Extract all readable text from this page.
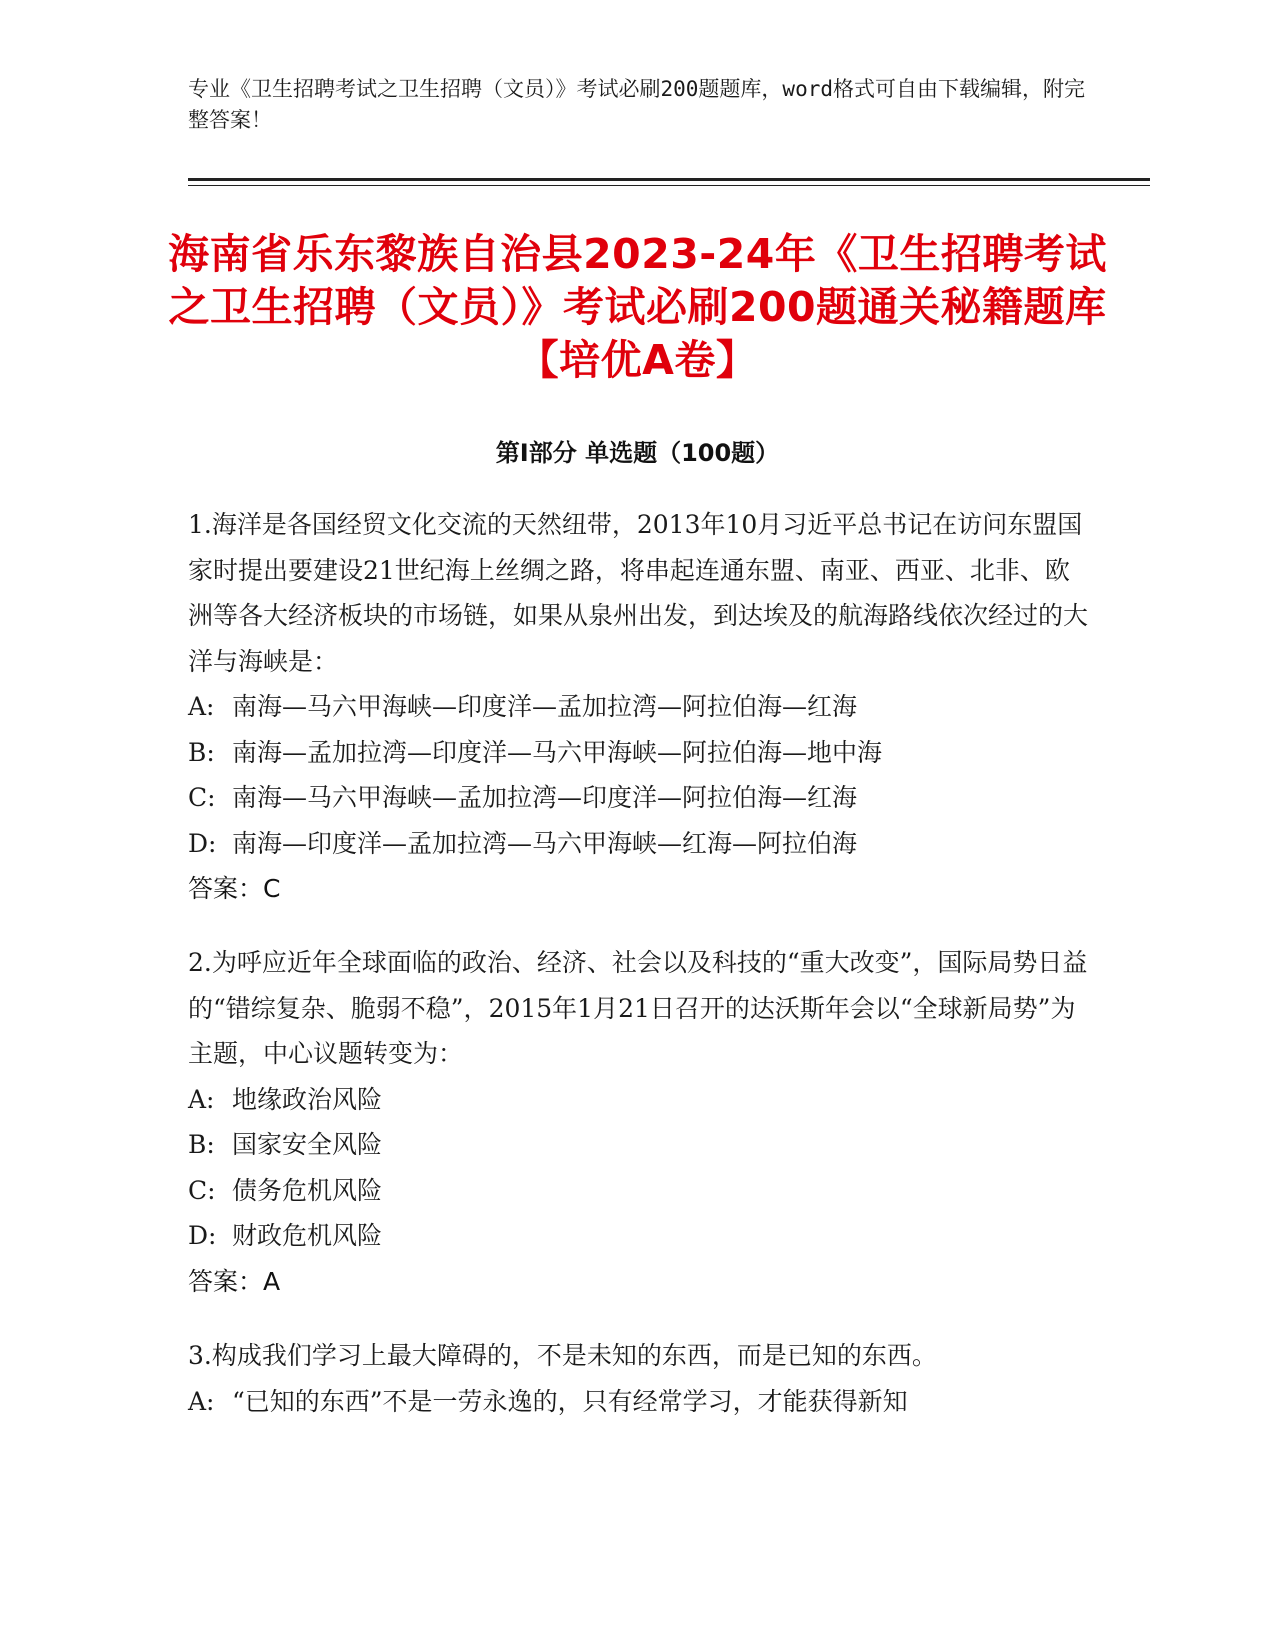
专业《卫生招聘考试之卫生招聘（文员）》考试必刷200题题库，word格式可自由下载编辑，附完整答案！
海南省乐东黎族自治县2023-24年《卫生招聘考试之卫生招聘（文员）》考试必刷200题通关秘籍题库【培优A卷】
第Ⅰ部分 单选题（100题）
1.海洋是各国经贸文化交流的天然纽带，2013年10月习近平总书记在访问东盟国家时提出要建设21世纪海上丝绸之路，将串起连通东盟、南亚、西亚、北非、欧洲等各大经济板块的市场链，如果从泉州出发，到达埃及的航海路线依次经过的大洋与海峡是：
A: 南海—马六甲海峡—印度洋—孟加拉湾—阿拉伯海—红海
B: 南海—孟加拉湾—印度洋—马六甲海峡—阿拉伯海—地中海
C: 南海—马六甲海峡—孟加拉湾—印度洋—阿拉伯海—红海
D: 南海—印度洋—孟加拉湾—马六甲海峡—红海—阿拉伯海
答案：C
2.为呼应近年全球面临的政治、经济、社会以及科技的“重大改变”，国际局势日益的“错综复杂、脆弱不稳”，2015年1月21日召开的达沃斯年会以“全球新局势”为主题，中心议题转变为：
A: 地缘政治风险
B: 国家安全风险
C: 债务危机风险
D: 财政危机风险
答案：A
3.构成我们学习上最大障碍的，不是未知的东西，而是已知的东西。
A: “已知的东西”不是一劳永逸的，只有经常学习，才能获得新知
